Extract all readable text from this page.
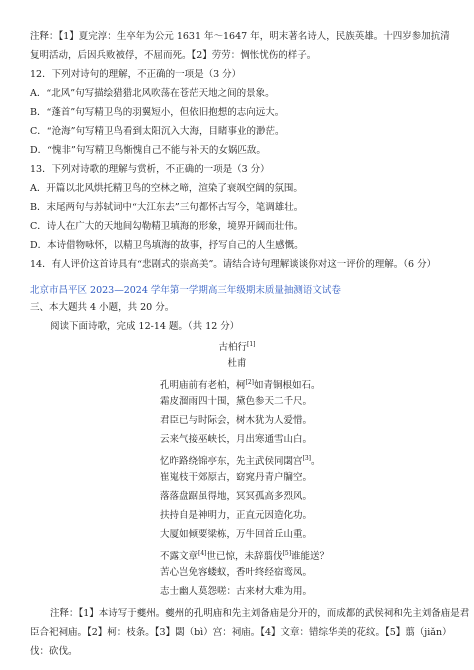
注释：【1】夏完淳：生卒年为公元 1631 年～1647 年，明末著名诗人，民族英雄。十四岁参加抗清
复明活动，后因兵败被俘，不屈而死。【2】劳劳：惆怅忧伤的样子。
12．下列对诗句的理解，不正确的一项是（3 分）
A．“北风”句写描绘猎猎北风吹荡在苍茫天地之间的景象。
B．“蓬首”句写精卫鸟的羽翼短小，但依旧抱想的志向远大。
C．“沧海”句写精卫鸟看到太阳沉入大海，目睹事业的渺茫。
D．“愧非”句写精卫鸟惭愧自己不能与补天的女娲匹敌。
13．下列对诗歌的理解与赏析，不正确的一项是（3 分）
A．开篇以北风烘托精卫鸟的空林之啼，渲染了衰飒空阔的氛围。
B．末尾两句与苏轼词中“大江东去”三句都怀古写今，笔调雄壮。
C．诗人在广大的天地间勾勒精卫填海的形象，境界开阔而壮伟。
D．本诗借物咏怀，以精卫鸟填海的故事，抒写自己的人生感慨。
14．有人评价这首诗具有“悲剧式的崇高美”。请结合诗句理解谈谈你对这一评价的理解。（6 分）
北京市昌平区 2023—2024 学年第一学期高三年级期末质量抽测语文试卷
三、本大题共 4 小题，共 20 分。
阅读下面诗歌，完成 12-14 题。（共 12 分）
古柏行[1]
杜甫
孔明庙前有老柏，柯[2]如青铜根如石。
霜皮溜雨四十围，黛色参天二千尺。
君臣已与时际会，树木犹为人爱惜。
云来气接巫峡长，月出寒通雪山白。
忆昨路绕锦亭东，先主武侯同閟宫[3]。
崔嵬枝干郊原古，窈窕丹青户牖空。
落落盘踞虽得地，冥冥孤高多烈风。
扶持自是神明力，正直元因造化功。
大厦如倾要梁栋，万牛回首丘山重。
不露文章[4]世已惊，未辞翦伐[5]谁能送？
苦心岂免容蝼蚁，香叶终经宿鸾凤。
志士幽人莫怨嗟：古来材大难为用。
注释：【1】本诗写于夔州。夔州的孔明庙和先主刘备庙是分开的，而成都的武侯祠和先主刘备庙是君
臣合祀祠庙。【2】柯：枝条。【3】閟（bì）宫：祠庙。【4】文章：错综华美的花纹。【5】翦（jiǎn）
伐：砍伐。
